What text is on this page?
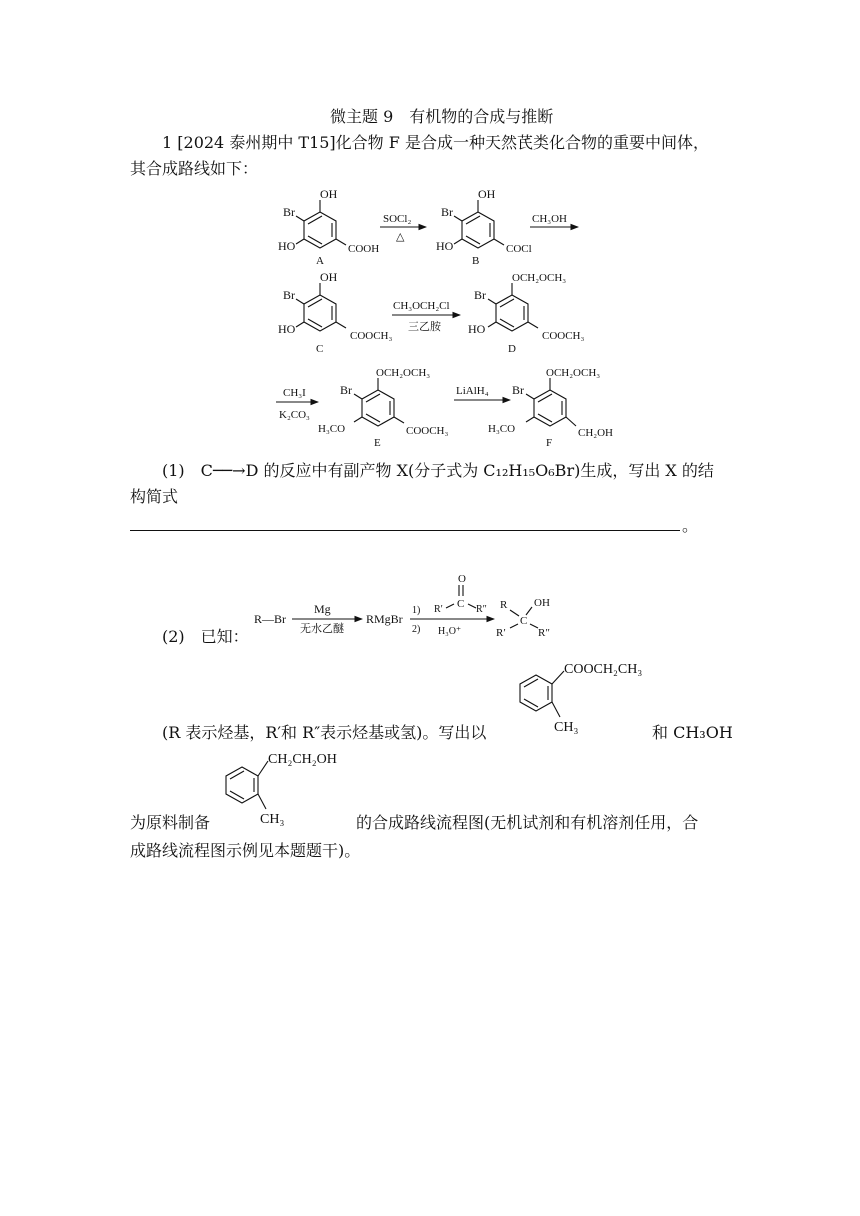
微主题 9　有机物的合成与推断
1 [2024 泰州期中 T15]化合物 F 是合成一种天然芪类化合物的重要中间体，
其合成路线如下：
OH
Br
HO	COOH
A
SOCl₂
△
OH
Br
HO	COCl
B
CH₃OH
OH
Br
HO	COOCH₃
C
CH₃OCH₂Cl
三乙胺
OCH₂OCH₃
Br
HO	COOCH₃
D
CH₃I
K₂CO₃
OCH₂OCH₃
Br
H₃CO	COOCH₃
E
LiAlH₄
OCH₂OCH₃
Br
H₃CO	CH₂OH
F
(1)　C──→D 的反应中有副产物 X(分子式为 C₁₂H₁₅O₆Br)生成，写出 X 的结
构简式
。
(2)　已知：
R—Br
Mg
无水乙醚
RMgBr
1)
2)
O
C
R′	R″
H₃O⁺
R OH
C
R′	R″
COOCH₂CH₃
CH₃
(R 表示烃基，R′和 R″表示烃基或氢)。写出以	和 CH₃OH
CH₂CH₂OH
CH₃
为原料制备	的合成路线流程图(无机试剂和有机溶剂任用，合
成路线流程图示例见本题题干)。
